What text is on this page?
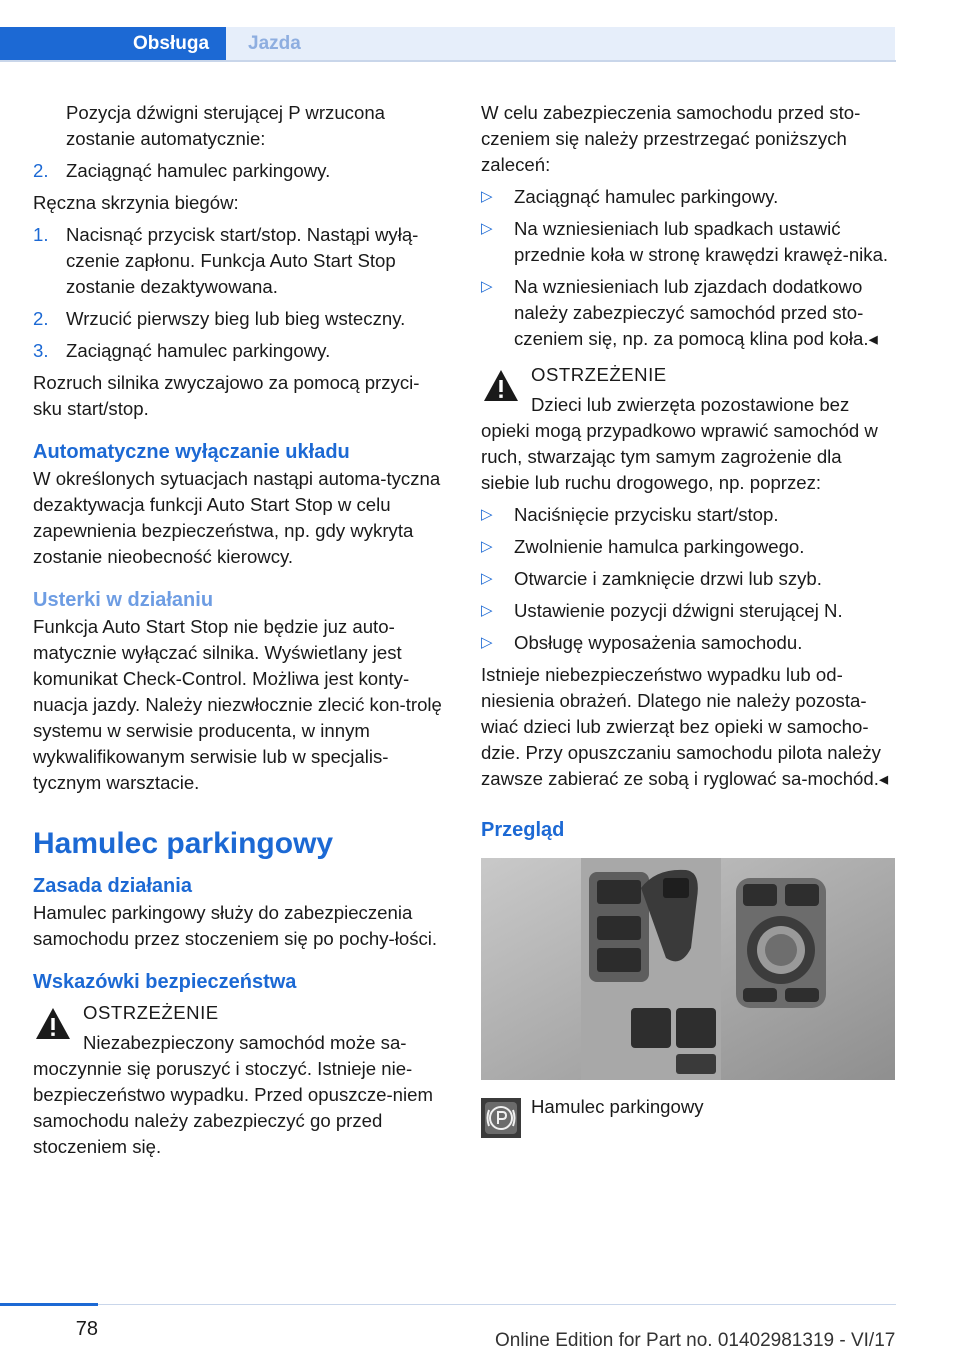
Obsługa	Jazda

Pozycja dźwigni sterującej P wrzucona zostanie automatycznie:

2. Zaciągnąć hamulec parkingowy.

Ręczna skrzynia biegów:

1. Nacisnąć przycisk start/stop. Nastąpi wyłą-czenie zapłonu. Funkcja Auto Start Stop zostanie dezaktywowana.
2. Wrzucić pierwszy bieg lub bieg wsteczny.
3. Zaciągnąć hamulec parkingowy.

Rozruch silnika zwyczajowo za pomocą przyci-sku start/stop.

Automatyczne wyłączanie układu

W określonych sytuacjach nastąpi automa-tyczna dezaktywacja funkcji Auto Start Stop w celu zapewnienia bezpieczeństwa, np. gdy wykryta zostanie nieobecność kierowcy.

Usterki w działaniu

Funkcja Auto Start Stop nie będzie juz auto-matycznie wyłączać silnika. Wyświetlany jest komunikat Check-Control. Możliwa jest konty-nuacja jazdy. Należy niezwłocznie zlecić kon-trolę systemu w serwisie producenta, w innym wykwalifikowanym serwisie lub w specjalis-tycznym warsztacie.

Hamulec parkingowy
Zasada działania

Hamulec parkingowy służy do zabezpieczenia samochodu przez stoczeniem się po pochy-łości.

Wskazówki bezpieczeństwa
OSTRZEŻENIE

Niezabezpieczony samochód może sa-moczynnie się poruszyć i stoczyć. Istnieje nie-bezpieczeństwo wypadku. Przed opuszcze-niem samochodu należy zabezpieczyć go przed stoczeniem się.

W celu zabezpieczenia samochodu przed sto-czeniem się należy przestrzegać poniższych zaleceń:

▷	Zaciągnąć hamulec parkingowy.
▷	Na wzniesieniach lub spadkach ustawić przednie koła w stronę krawędzi krawęż-nika.
▷	Na wzniesieniach lub zjazdach dodatkowo należy zabezpieczyć samochód przed sto-czeniem się, np. za pomocą klina pod koła.◂
OSTRZEŻENIE

Dzieci lub zwierzęta pozostawione bez opieki mogą przypadkowo wprawić samochód w ruch, stwarzając tym samym zagrożenie dla siebie lub ruchu drogowego, np. poprzez:

▷	Naciśnięcie przycisku start/stop.
▷	Zwolnienie hamulca parkingowego.
▷	Otwarcie i zamknięcie drzwi lub szyb.
▷	Ustawienie pozycji dźwigni sterującej N.
▷	Obsługę wyposażenia samochodu.

Istnieje niebezpieczeństwo wypadku lub od-niesienia obrażeń. Dlatego nie należy pozosta-wiać dzieci lub zwierząt bez opieki w samocho-dzie. Przy opuszczaniu samochodu pilota należy zawsze zabierać ze sobą i ryglować sa-mochód.◂

Przegląd
Hamulec parkingowy
78
Online Edition for Part no. 01402981319 - VI/17
